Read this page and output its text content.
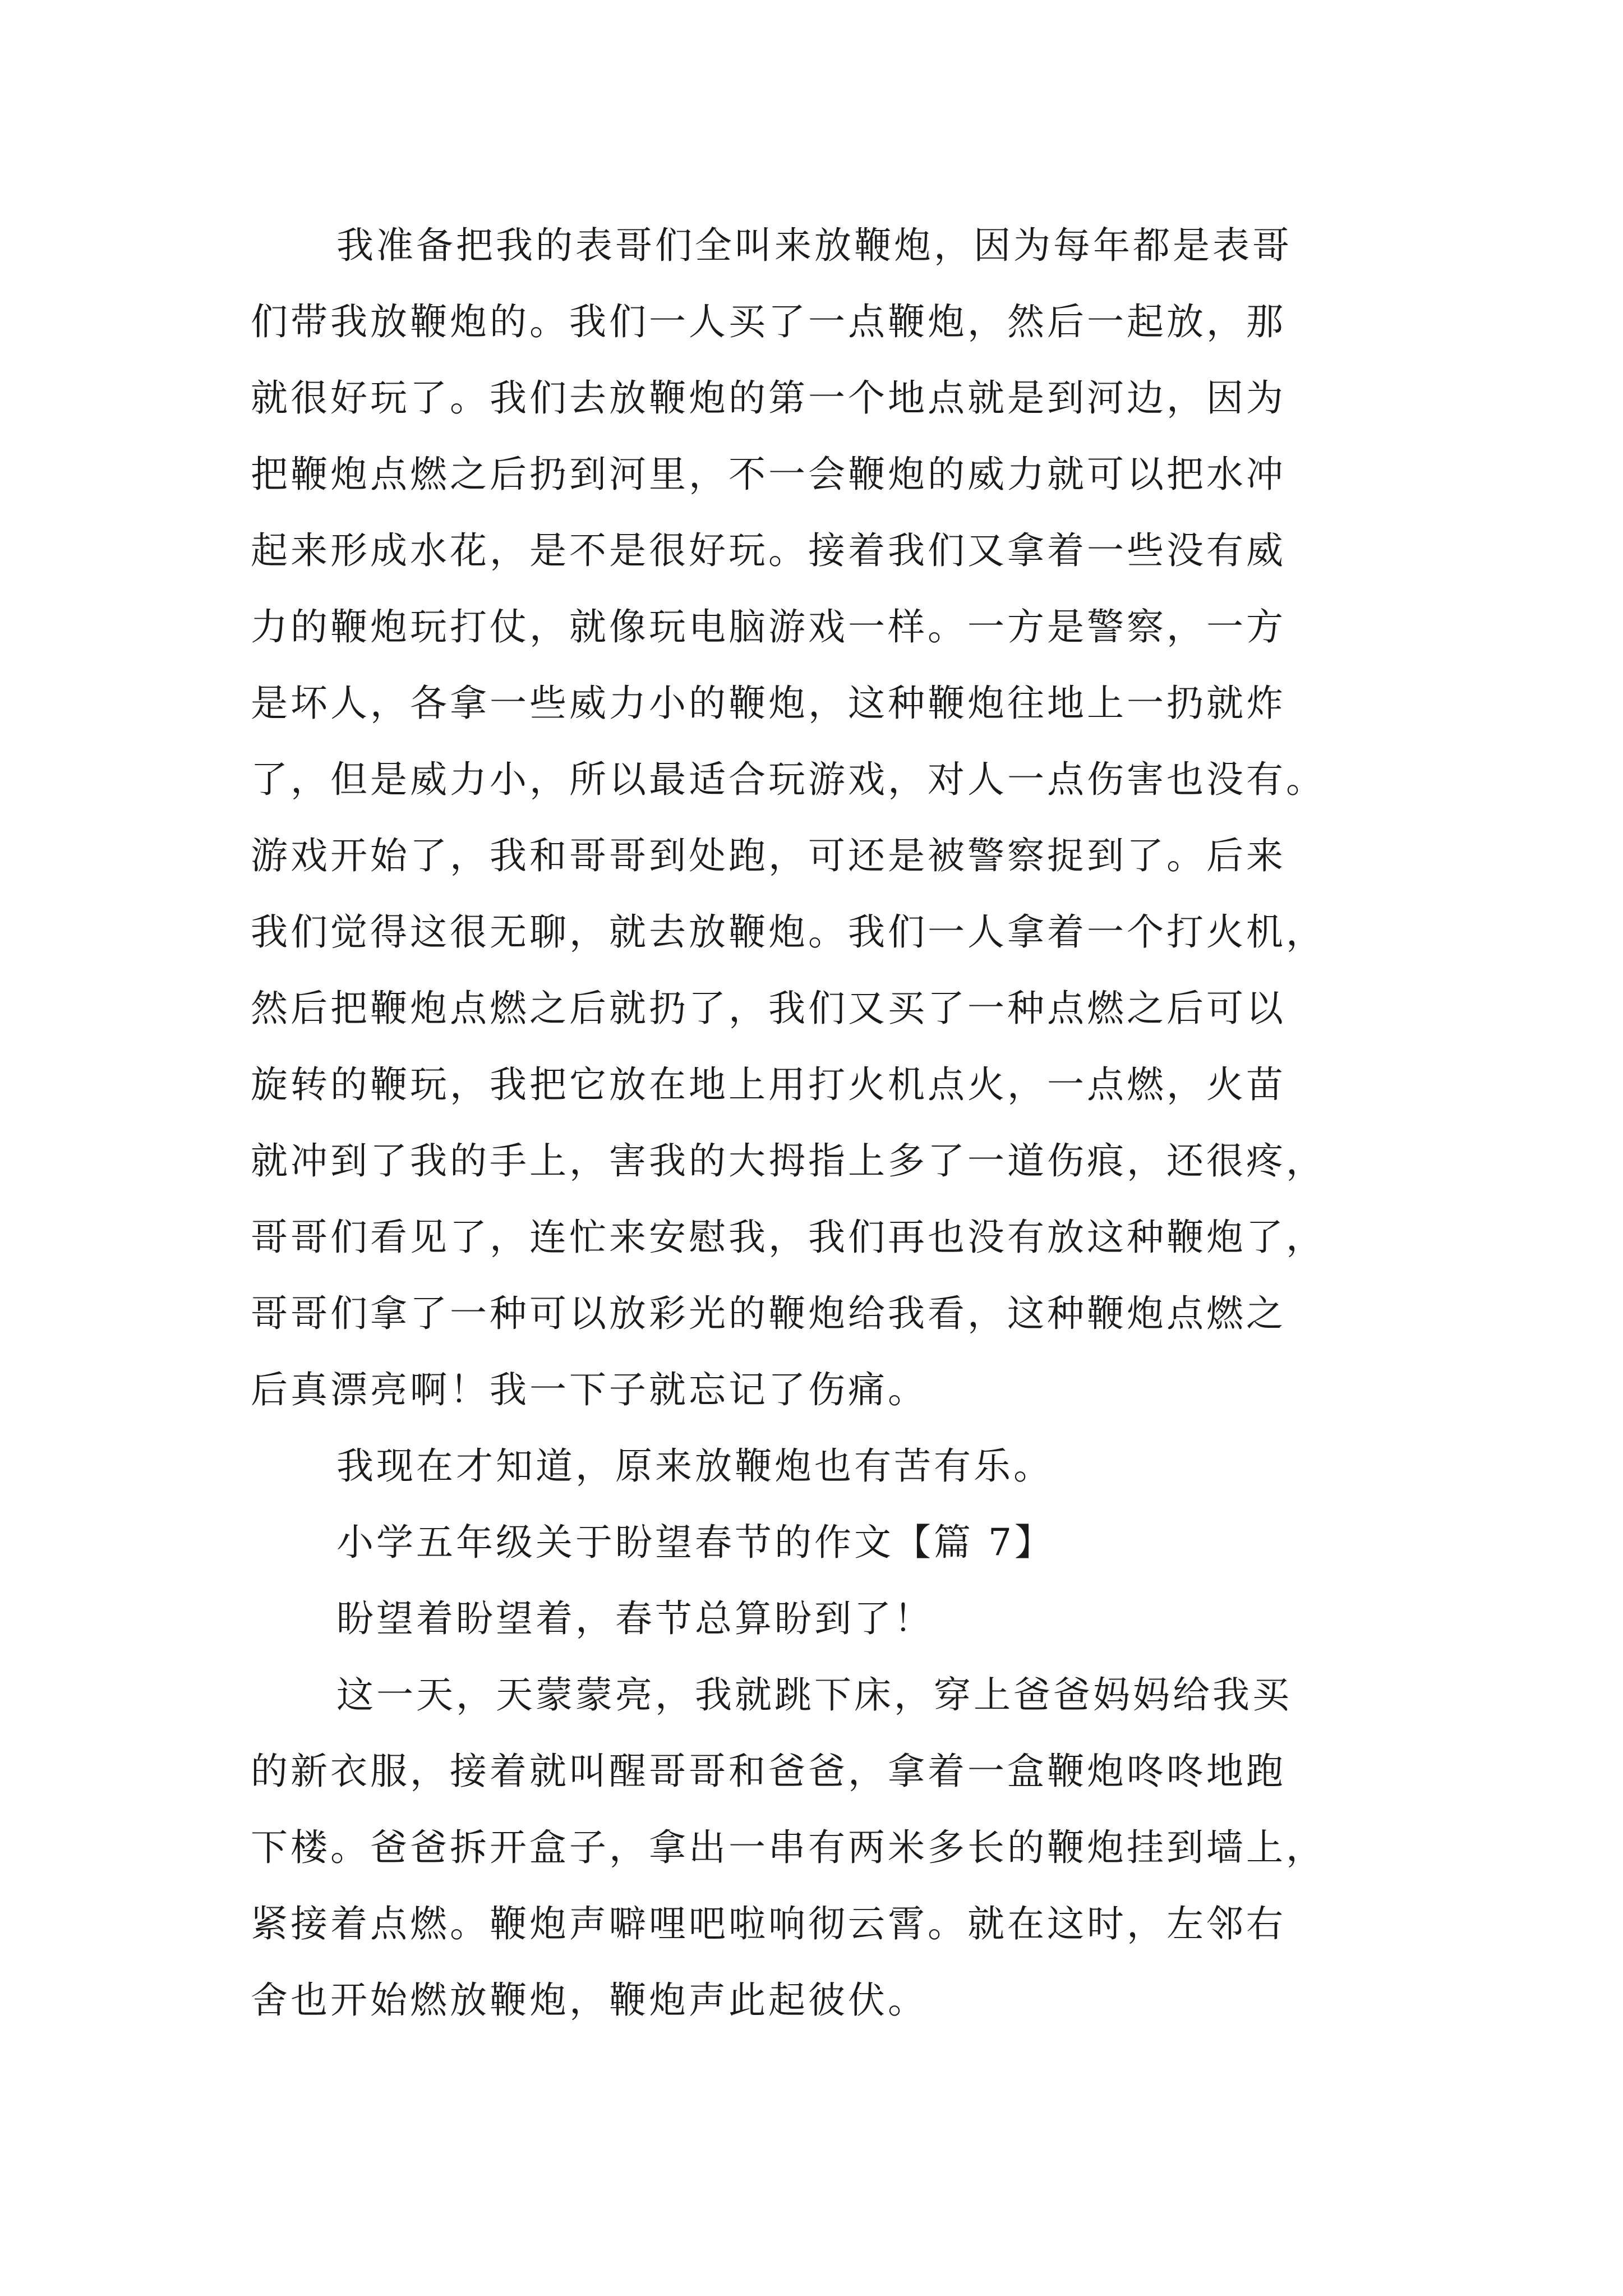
我准备把我的表哥们全叫来放鞭炮，因为每年都是表哥
们带我放鞭炮的。我们一人买了一点鞭炮，然后一起放，那
就很好玩了。我们去放鞭炮的第一个地点就是到河边，因为
把鞭炮点燃之后扔到河里，不一会鞭炮的威力就可以把水冲
起来形成水花，是不是很好玩。接着我们又拿着一些没有威
力的鞭炮玩打仗，就像玩电脑游戏一样。一方是警察，一方
是坏人，各拿一些威力小的鞭炮，这种鞭炮往地上一扔就炸
了，但是威力小，所以最适合玩游戏，对人一点伤害也没有。
游戏开始了，我和哥哥到处跑，可还是被警察捉到了。后来
我们觉得这很无聊，就去放鞭炮。我们一人拿着一个打火机，
然后把鞭炮点燃之后就扔了，我们又买了一种点燃之后可以
旋转的鞭玩，我把它放在地上用打火机点火，一点燃，火苗
就冲到了我的手上，害我的大拇指上多了一道伤痕，还很疼，
哥哥们看见了，连忙来安慰我，我们再也没有放这种鞭炮了，
哥哥们拿了一种可以放彩光的鞭炮给我看，这种鞭炮点燃之
后真漂亮啊！我一下子就忘记了伤痛。
我现在才知道，原来放鞭炮也有苦有乐。
小学五年级关于盼望春节的作文【篇 7】
盼望着盼望着，春节总算盼到了！
这一天，天蒙蒙亮，我就跳下床，穿上爸爸妈妈给我买
的新衣服，接着就叫醒哥哥和爸爸，拿着一盒鞭炮咚咚地跑
下楼。爸爸拆开盒子，拿出一串有两米多长的鞭炮挂到墙上，
紧接着点燃。鞭炮声噼哩吧啦响彻云霄。就在这时，左邻右
舍也开始燃放鞭炮，鞭炮声此起彼伏。
